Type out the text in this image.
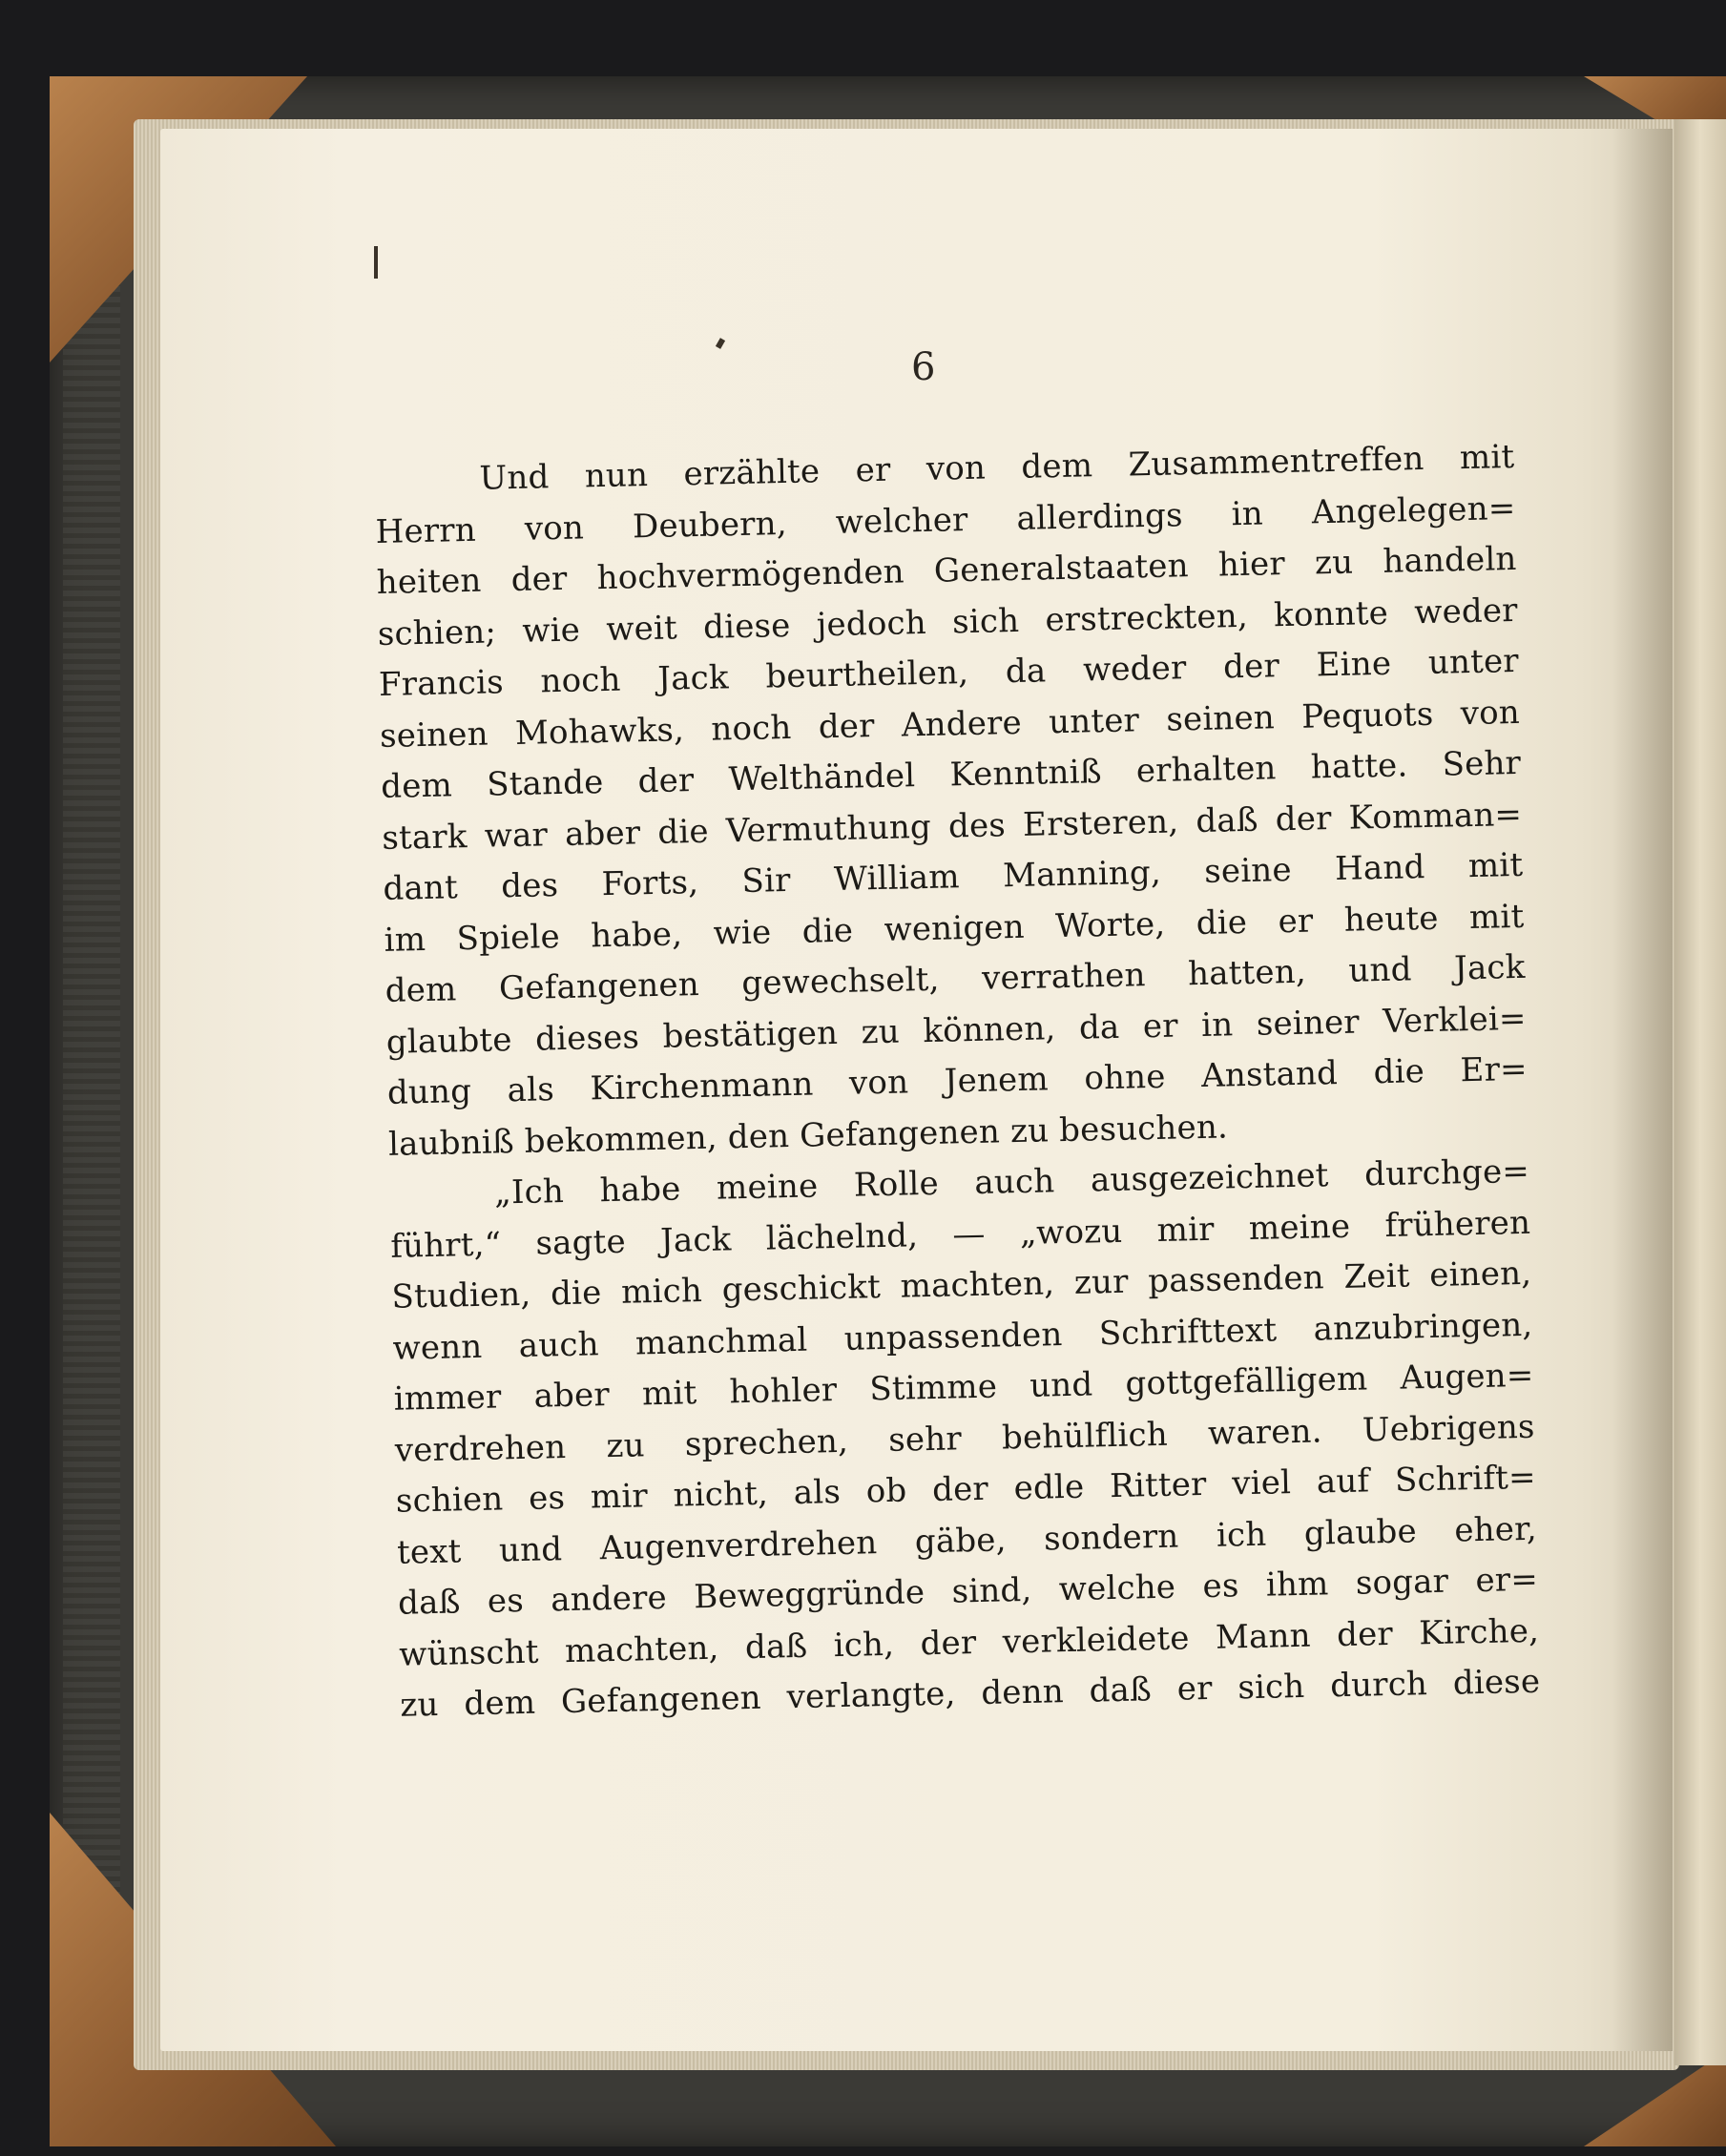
6
Und nun erzählte er von dem Zusammentreffen mit
Herrn von Deubern, welcher allerdings in Angelegen=
heiten der hochvermögenden Generalstaaten hier zu handeln
schien; wie weit diese jedoch sich erstreckten, konnte weder
Francis noch Jack beurtheilen, da weder der Eine unter
seinen Mohawks, noch der Andere unter seinen Pequots von
dem Stande der Welthändel Kenntniß erhalten hatte. Sehr
stark war aber die Vermuthung des Ersteren, daß der Komman=
dant des Forts, Sir William Manning, seine Hand mit
im Spiele habe, wie die wenigen Worte, die er heute mit
dem Gefangenen gewechselt, verrathen hatten, und Jack
glaubte dieses bestätigen zu können, da er in seiner Verklei=
dung als Kirchenmann von Jenem ohne Anstand die Er=
laubniß bekommen, den Gefangenen zu besuchen.
„Ich habe meine Rolle auch ausgezeichnet durchge=
führt,“ sagte Jack lächelnd, — „wozu mir meine früheren
Studien, die mich geschickt machten, zur passenden Zeit einen,
wenn auch manchmal unpassenden Schrifttext anzubringen,
immer aber mit hohler Stimme und gottgefälligem Augen=
verdrehen zu sprechen, sehr behülflich waren. Uebrigens
schien es mir nicht, als ob der edle Ritter viel auf Schrift=
text und Augenverdrehen gäbe, sondern ich glaube eher,
daß es andere Beweggründe sind, welche es ihm sogar er=
wünscht machten, daß ich, der verkleidete Mann der Kirche,
zu dem Gefangenen verlangte, denn daß er sich durch diese
